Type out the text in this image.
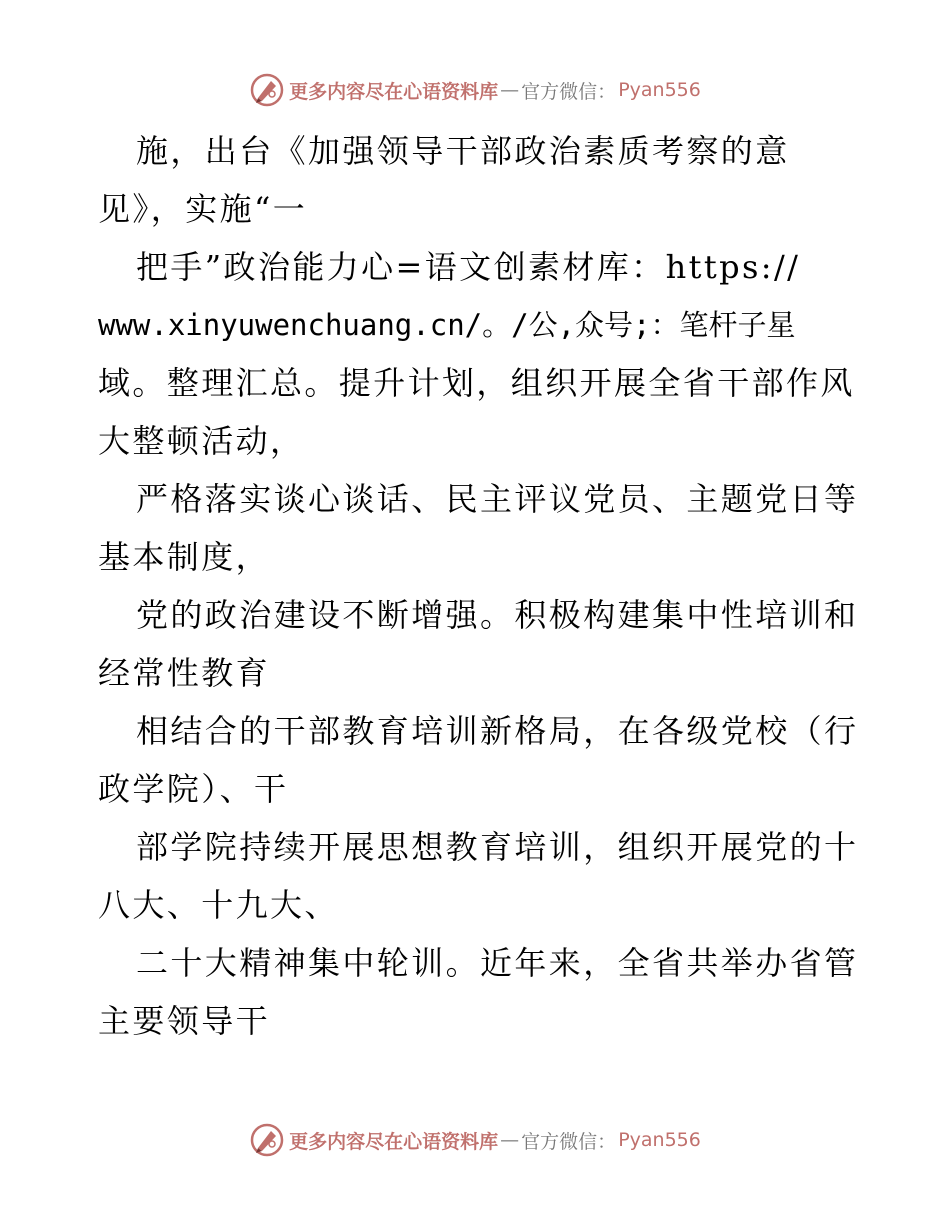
更多内容尽在心语资料库 — 官方微信： Pyan556
施，出台《加强领导干部政治素质考察的意
见》，实施“一
把手”政治能力心=语文创素材库：https://
www.xinyuwenchuang.cn/。/公,众号;：笔杆子星
域。整理汇总。提升计划，组织开展全省干部作风
大整顿活动，
严格落实谈心谈话、民主评议党员、主题党日等
基本制度，
党的政治建设不断增强。积极构建集中性培训和
经常性教育
相结合的干部教育培训新格局，在各级党校（行
政学院）、干
部学院持续开展思想教育培训，组织开展党的十
八大、十九大、
二十大精神集中轮训。近年来，全省共举办省管
主要领导干
更多内容尽在心语资料库 — 官方微信： Pyan556
